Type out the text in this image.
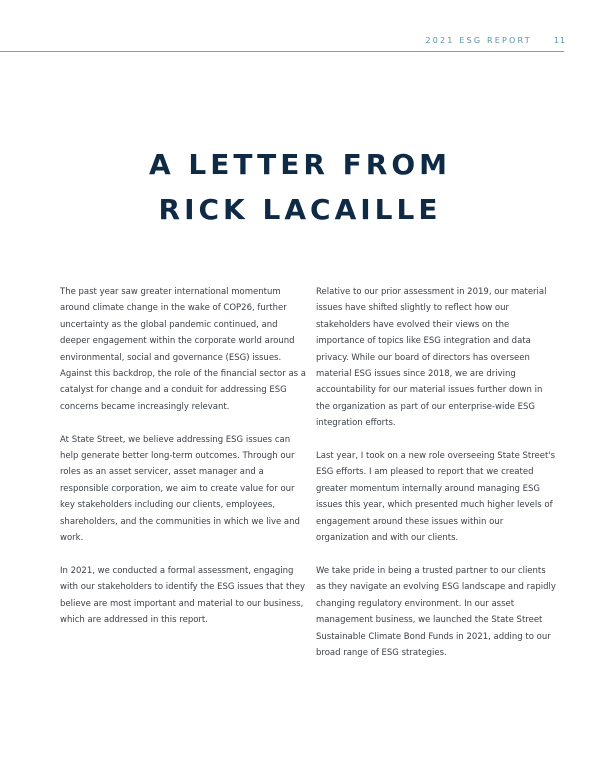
2021 ESG REPORT	11
A LETTER FROM
RICK LACAILLE

The past year saw greater international momentum around climate change in the wake of COP26, further uncertainty as the global pandemic continued, and deeper engagement within the corporate world around environmental, social and governance (ESG) issues. Against this backdrop, the role of the financial sector as a catalyst for change and a conduit for addressing ESG concerns became increasingly relevant.

At State Street, we believe addressing ESG issues can help generate better long-term outcomes. Through our roles as an asset servicer, asset manager and a responsible corporation, we aim to create value for our key stakeholders including our clients, employees, shareholders, and the communities in which we live and work.

In 2021, we conducted a formal assessment, engaging with our stakeholders to identify the ESG issues that they believe are most important and material to our business, which are addressed in this report.

Relative to our prior assessment in 2019, our material issues have shifted slightly to reflect how our stakeholders have evolved their views on the importance of topics like ESG integration and data privacy. While our board of directors has overseen material ESG issues since 2018, we are driving accountability for our material issues further down in the organization as part of our enterprise-wide ESG integration efforts.

Last year, I took on a new role overseeing State Street's ESG efforts. I am pleased to report that we created greater momentum internally around managing ESG issues this year, which presented much higher levels of engagement around these issues within our organization and with our clients.

We take pride in being a trusted partner to our clients as they navigate an evolving ESG landscape and rapidly changing regulatory environment. In our asset management business, we launched the State Street Sustainable Climate Bond Funds in 2021, adding to our broad range of ESG strategies.
